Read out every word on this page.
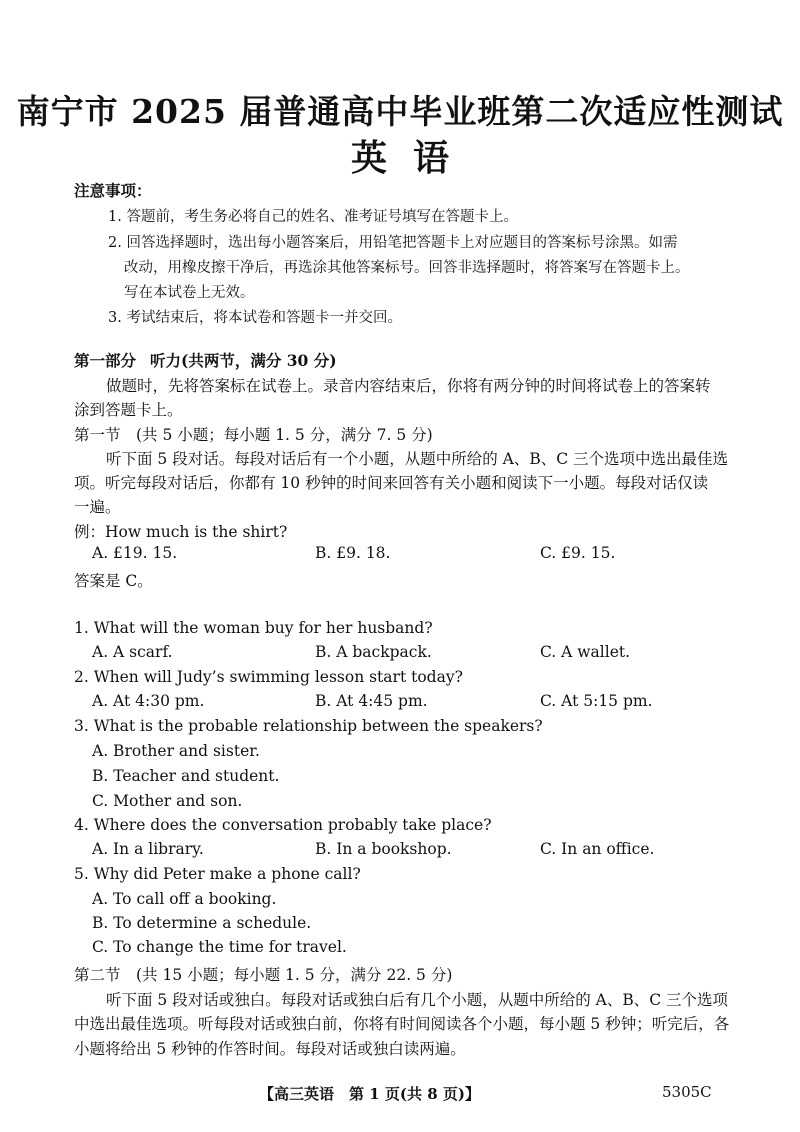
南宁市 2025 届普通高中毕业班第二次适应性测试
英语
注意事项：
1. 答题前，考生务必将自己的姓名、准考证号填写在答题卡上。
2. 回答选择题时，选出每小题答案后，用铅笔把答题卡上对应题目的答案标号涂黑。如需
改动，用橡皮擦干净后，再选涂其他答案标号。回答非选择题时，将答案写在答题卡上。
写在本试卷上无效。
3. 考试结束后，将本试卷和答题卡一并交回。
第一部分 听力(共两节，满分 30 分)
做题时，先将答案标在试卷上。录音内容结束后，你将有两分钟的时间将试卷上的答案转
涂到答题卡上。
第一节　(共 5 小题；每小题 1. 5 分，满分 7. 5 分)
听下面 5 段对话。每段对话后有一个小题，从题中所给的 A、B、C 三个选项中选出最佳选
项。听完每段对话后，你都有 10 秒钟的时间来回答有关小题和阅读下一小题。每段对话仅读
一遍。
例：How much is the shirt?
A. £19. 15.	B. £9. 18.	C. £9. 15.
答案是 C。
1. What will the woman buy for her husband?
A. A scarf.	B. A backpack.	C. A wallet.
2. When will Judy’s swimming lesson start today?
A. At 4:30 pm.	B. At 4:45 pm.	C. At 5:15 pm.
3. What is the probable relationship between the speakers?
A. Brother and sister.
B. Teacher and student.
C. Mother and son.
4. Where does the conversation probably take place?
A. In a library.	B. In a bookshop.	C. In an office.
5. Why did Peter make a phone call?
A. To call off a booking.
B. To determine a schedule.
C. To change the time for travel.
第二节　(共 15 小题；每小题 1. 5 分，满分 22. 5 分)
听下面 5 段对话或独白。每段对话或独白后有几个小题，从题中所给的 A、B、C 三个选项
中选出最佳选项。听每段对话或独白前，你将有时间阅读各个小题，每小题 5 秒钟；听完后，各
小题将给出 5 秒钟的作答时间。每段对话或独白读两遍。
【高三英语　第 1 页(共 8 页)】	5305C
